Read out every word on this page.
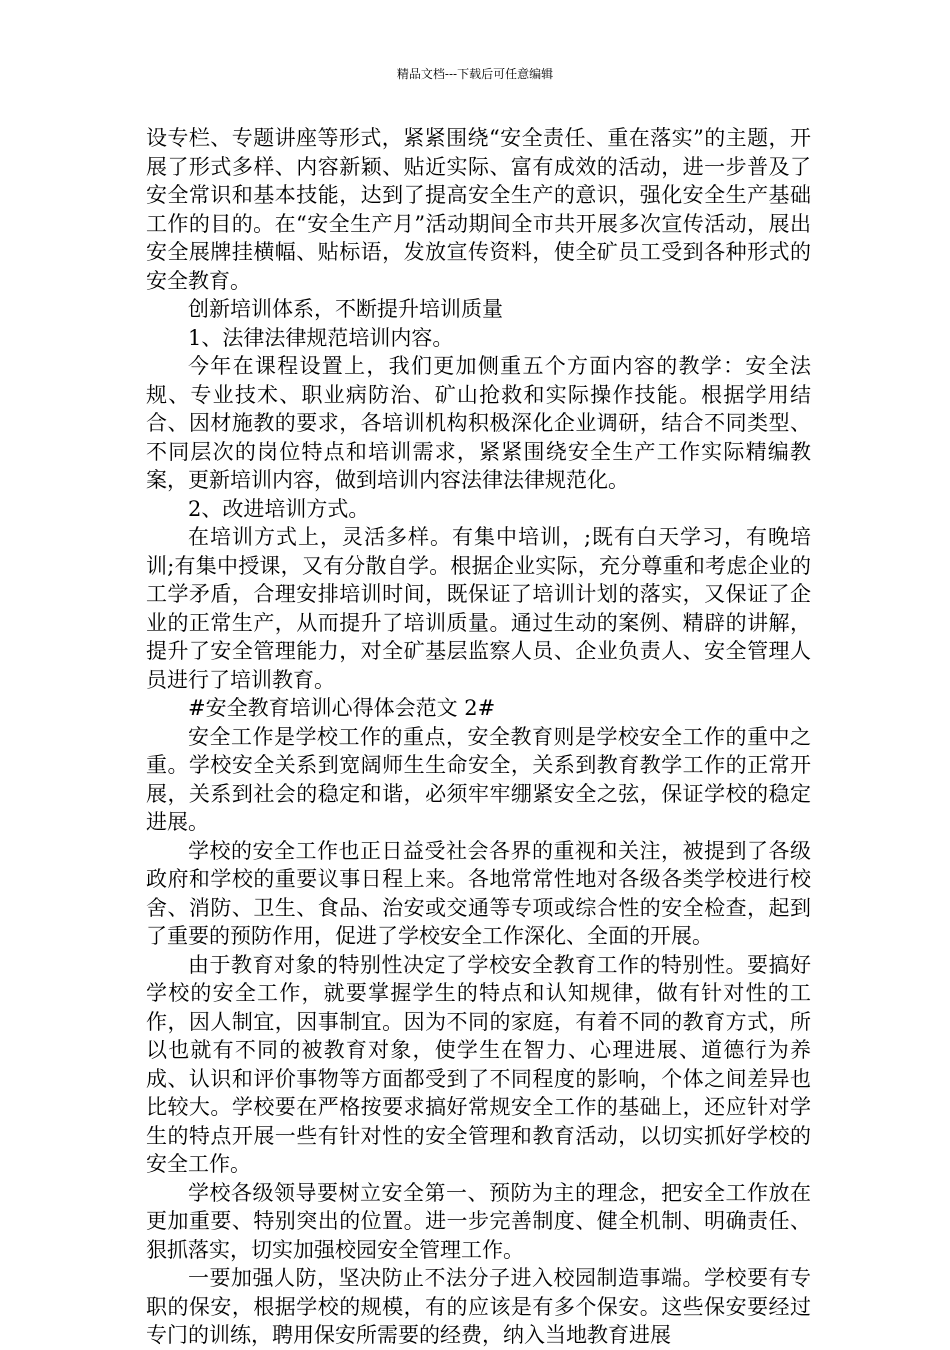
精品文档---下载后可任意编辑

设专栏、专题讲座等形式，紧紧围绕“安全责任、重在落实”的主题，开展了形式多样、内容新颖、贴近实际、富有成效的活动，进一步普及了安全常识和基本技能，达到了提高安全生产的意识，强化安全生产基础工作的目的。在“安全生产月”活动期间全市共开展多次宣传活动，展出安全展牌挂横幅、贴标语，发放宣传资料，使全矿员工受到各种形式的安全教育。

创新培训体系，不断提升培训质量

1、法律法律规范培训内容。

今年在课程设置上，我们更加侧重五个方面内容的教学：安全法规、专业技术、职业病防治、矿山抢救和实际操作技能。根据学用结合、因材施教的要求，各培训机构积极深化企业调研，结合不同类型、不同层次的岗位特点和培训需求，紧紧围绕安全生产工作实际精编教案，更新培训内容，做到培训内容法律法律规范化。

2、改进培训方式。

在培训方式上，灵活多样。有集中培训，;既有白天学习，有晚培训;有集中授课，又有分散自学。根据企业实际，充分尊重和考虑企业的工学矛盾，合理安排培训时间，既保证了培训计划的落实，又保证了企业的正常生产，从而提升了培训质量。通过生动的案例、精辟的讲解，提升了安全管理能力，对全矿基层监察人员、企业负责人、安全管理人员进行了培训教育。

#安全教育培训心得体会范文 2#

安全工作是学校工作的重点，安全教育则是学校安全工作的重中之重。学校安全关系到宽阔师生生命安全，关系到教育教学工作的正常开展，关系到社会的稳定和谐，必须牢牢绷紧安全之弦，保证学校的稳定进展。

学校的安全工作也正日益受社会各界的重视和关注，被提到了各级政府和学校的重要议事日程上来。各地常常性地对各级各类学校进行校舍、消防、卫生、食品、治安或交通等专项或综合性的安全检查，起到了重要的预防作用，促进了学校安全工作深化、全面的开展。

由于教育对象的特别性决定了学校安全教育工作的特别性。要搞好学校的安全工作，就要掌握学生的特点和认知规律，做有针对性的工作，因人制宜，因事制宜。因为不同的家庭，有着不同的教育方式，所以也就有不同的被教育对象，使学生在智力、心理进展、道德行为养成、认识和评价事物等方面都受到了不同程度的影响，个体之间差异也比较大。学校要在严格按要求搞好常规安全工作的基础上，还应针对学生的特点开展一些有针对性的安全管理和教育活动，以切实抓好学校的安全工作。

学校各级领导要树立安全第一、预防为主的理念，把安全工作放在更加重要、特别突出的位置。进一步完善制度、健全机制、明确责任、狠抓落实，切实加强校园安全管理工作。

一要加强人防，坚决防止不法分子进入校园制造事端。学校要有专职的保安，根据学校的规模，有的应该是有多个保安。这些保安要经过专门的训练，聘用保安所需要的经费，纳入当地教育进展
